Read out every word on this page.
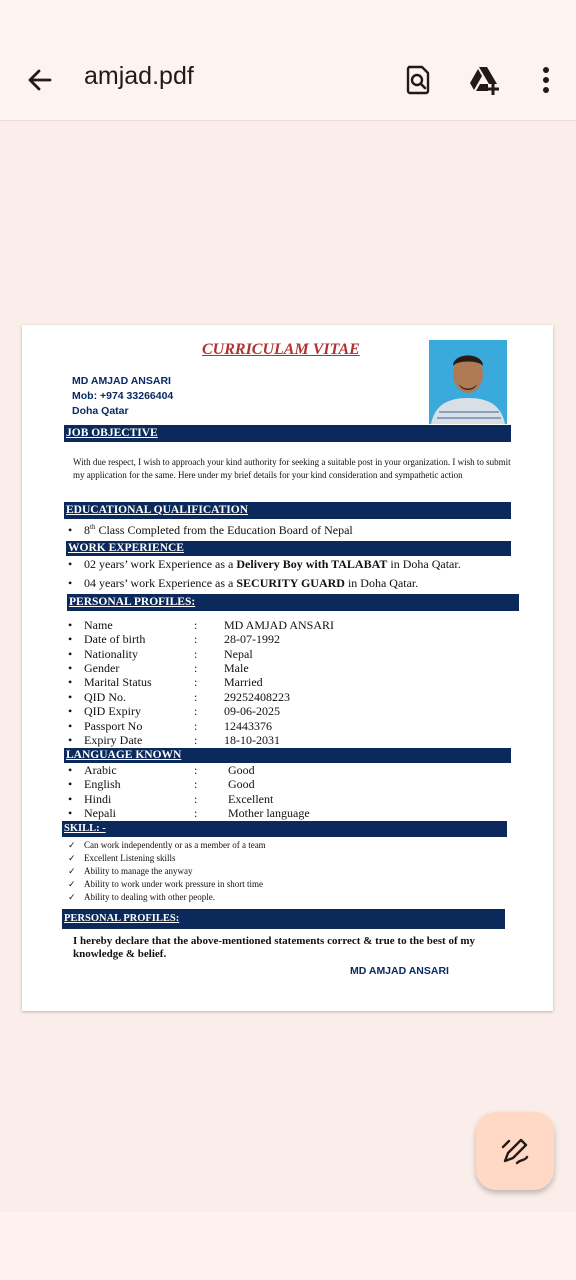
amjad.pdf
CURRICULAM VITAE
MD AMJAD ANSARI
Mob: +974 33266404
Doha Qatar
JOB OBJECTIVE
With due respect, I wish to approach your kind authority for seeking a suitable post in your organization. I wish to submit my application for the same. Here under my brief details for your kind consideration and sympathetic action
EDUCATIONAL QUALIFICATION
• 8th Class Completed from the Education Board of Nepal
WORK EXPERIENCE
• 02 years’ work Experience as a Delivery Boy with TALABAT in Doha Qatar.
• 04 years’ work Experience as a SECURITY GUARD in Doha Qatar.
PERSONAL PROFILES:
• Name	: MD AMJAD ANSARI
• Date of birth	: 28-07-1992
• Nationality	: Nepal
• Gender	: Male
• Marital Status	: Married
• QID No.	: 29252408223
• QID Expiry	: 09-06-2025
• Passport No	: 12443376
• Expiry Date	: 18-10-2031
LANGUAGE KNOWN
• Arabic	:	Good
• English	:	Good
• Hindi	:	Excellent
• Nepali	:	Mother language
SKILL: -
✓ Can work independently or as a member of a team
✓ Excellent Listening skills
✓ Ability to manage the anyway
✓ Ability to work under work pressure in short time
✓ Ability to dealing with other people.
PERSONAL PROFILES:
I hereby declare that the above-mentioned statements correct & true to the best of my knowledge & belief.
MD AMJAD ANSARI
